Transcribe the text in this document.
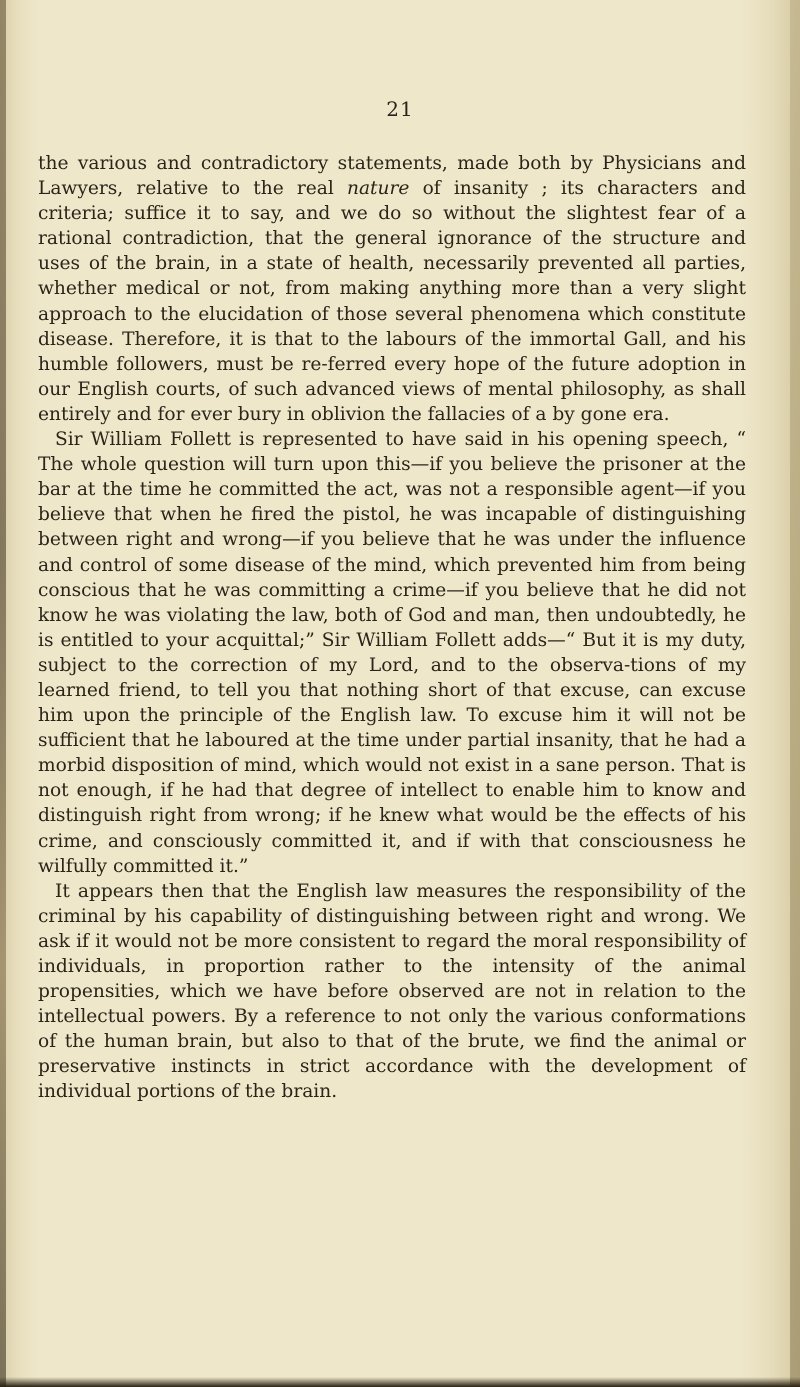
21

the various and contradictory statements, made both by Physicians and Lawyers, relative to the real nature of insanity ; its characters and criteria; suffice it to say, and we do so without the slightest fear of a rational contradiction, that the general ignorance of the structure and uses of the brain, in a state of health, necessarily prevented all parties, whether medical or not, from making anything more than a very slight approach to the elucidation of those several phenomena which constitute disease. Therefore, it is that to the labours of the immortal Gall, and his humble followers, must be re-ferred every hope of the future adoption in our English courts, of such advanced views of mental philosophy, as shall entirely and for ever bury in oblivion the fallacies of a by gone era.

Sir William Follett is represented to have said in his opening speech, “ The whole question will turn upon this—if you believe the prisoner at the bar at the time he committed the act, was not a responsible agent—if you believe that when he fired the pistol, he was incapable of distinguishing between right and wrong—if you believe that he was under the influence and control of some disease of the mind, which prevented him from being conscious that he was committing a crime—if you believe that he did not know he was violating the law, both of God and man, then undoubtedly, he is entitled to your acquittal;” Sir William Follett adds—“ But it is my duty, subject to the correction of my Lord, and to the observa-tions of my learned friend, to tell you that nothing short of that excuse, can excuse him upon the principle of the English law. To excuse him it will not be sufficient that he laboured at the time under partial insanity, that he had a morbid disposition of mind, which would not exist in a sane person. That is not enough, if he had that degree of intellect to enable him to know and distinguish right from wrong; if he knew what would be the effects of his crime, and consciously committed it, and if with that consciousness he wilfully committed it.”

It appears then that the English law measures the responsibility of the criminal by his capability of distinguishing between right and wrong. We ask if it would not be more consistent to regard the moral responsibility of individuals, in proportion rather to the intensity of the animal propensities, which we have before observed are not in relation to the intellectual powers. By a reference to not only the various conformations of the human brain, but also to that of the brute, we find the animal or preservative instincts in strict accordance with the development of individual portions of the brain.
